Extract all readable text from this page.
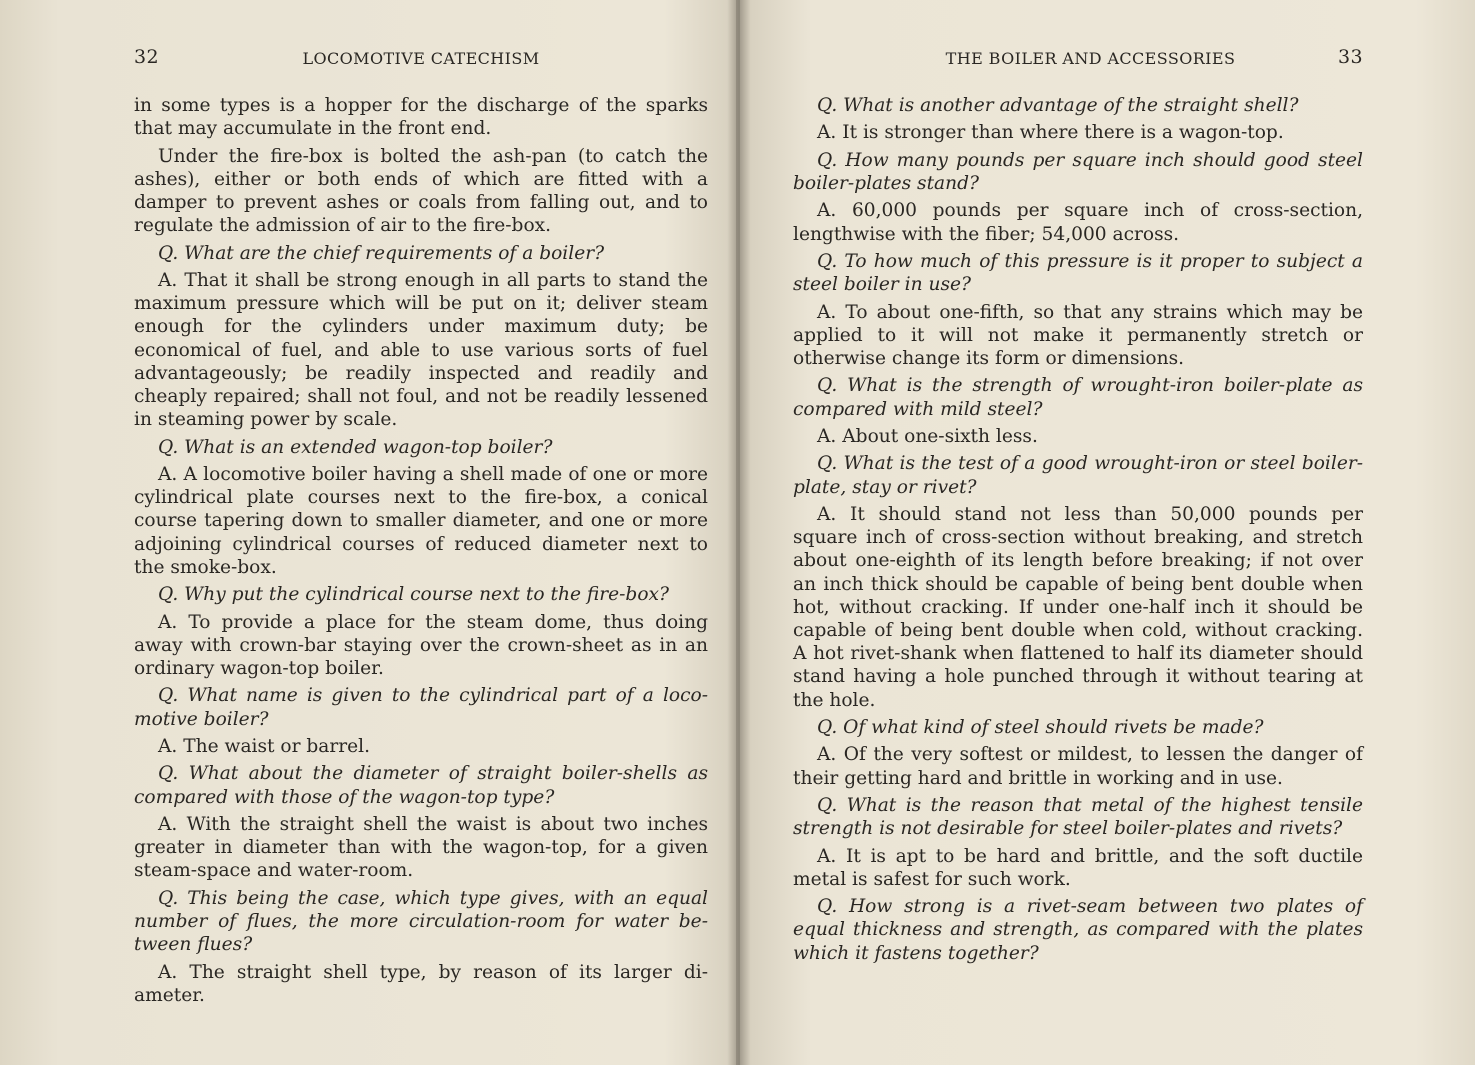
32	LOCOMOTIVE CATECHISM

in some types is a hopper for the discharge of the sparks that may accumulate in the front end.

Under the fire-box is bolted the ash-pan (to catch the ashes), either or both ends of which are fitted with a damper to prevent ashes or coals from falling out, and to regulate the admission of air to the fire-box.

Q. What are the chief requirements of a boiler?

A. That it shall be strong enough in all parts to stand the maximum pressure which will be put on it; deliver steam enough for the cylinders under maximum duty; be economical of fuel, and able to use various sorts of fuel advantageously; be readily inspected and readily and cheaply repaired; shall not foul, and not be readily lessened in steaming power by scale.

Q. What is an extended wagon-top boiler?

A. A locomotive boiler having a shell made of one or more cylindrical plate courses next to the fire-box, a conical course tapering down to smaller diameter, and one or more adjoining cylindrical courses of reduced diameter next to the smoke-box.

Q. Why put the cylindrical course next to the fire-box?

A. To provide a place for the steam dome, thus doing away with crown-bar staying over the crown-sheet as in an ordinary wagon-top boiler.

Q. What name is given to the cylindrical part of a locomotive boiler?

A. The waist or barrel.

Q. What about the diameter of straight boiler-shells as compared with those of the wagon-top type?

A. With the straight shell the waist is about two inches greater in diameter than with the wagon-top, for a given steam-space and water-room.

Q. This being the case, which type gives, with an equal number of flues, the more circulation-room for water between flues?

A. The straight shell type, by reason of its larger diameter.

THE BOILER AND ACCESSORIES	33

Q. What is another advantage of the straight shell?

A. It is stronger than where there is a wagon-top.

Q. How many pounds per square inch should good steel boiler-plates stand?

A. 60,000 pounds per square inch of cross-section, lengthwise with the fiber; 54,000 across.

Q. To how much of this pressure is it proper to subject a steel boiler in use?

A. To about one-fifth, so that any strains which may be applied to it will not make it permanently stretch or otherwise change its form or dimensions.

Q. What is the strength of wrought-iron boiler-plate as compared with mild steel?

A. About one-sixth less.

Q. What is the test of a good wrought-iron or steel boiler-plate, stay or rivet?

A. It should stand not less than 50,000 pounds per square inch of cross-section without breaking, and stretch about one-eighth of its length before breaking; if not over an inch thick should be capable of being bent double when hot, without cracking. If under one-half inch it should be capable of being bent double when cold, without cracking. A hot rivet-shank when flattened to half its diameter should stand having a hole punched through it without tearing at the hole.

Q. Of what kind of steel should rivets be made?

A. Of the very softest or mildest, to lessen the danger of their getting hard and brittle in working and in use.

Q. What is the reason that metal of the highest tensile strength is not desirable for steel boiler-plates and rivets?

A. It is apt to be hard and brittle, and the soft ductile metal is safest for such work.

Q. How strong is a rivet-seam between two plates of equal thickness and strength, as compared with the plates which it fastens together?
